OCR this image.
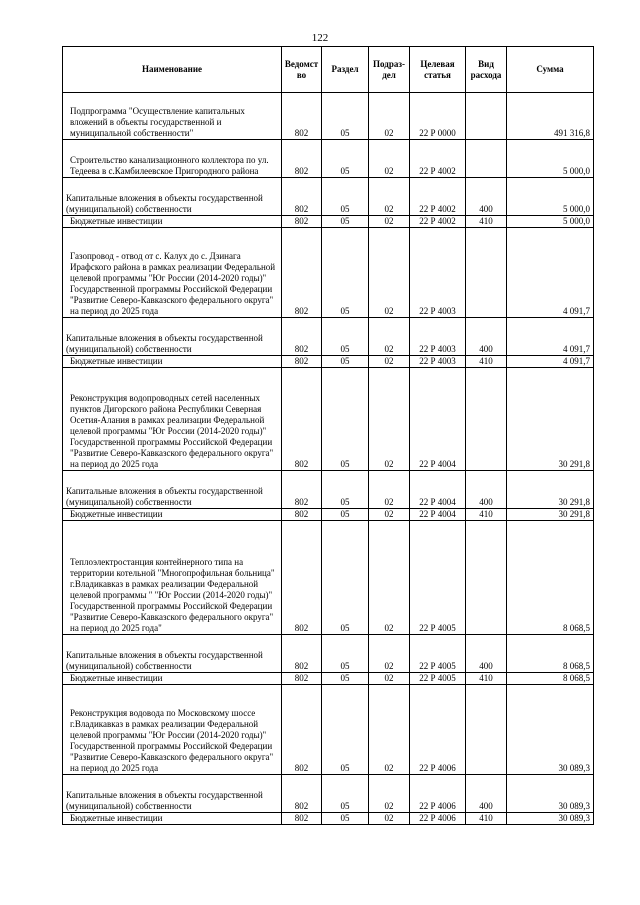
122
Наименование	Ведомст во	Раздел	Подраз- дел	Целевая статья	Вид расхода	Сумма
Подпрограмма "Осуществление капитальных вложений в объекты государственной и муниципальной собственности"	802	05	02	22 Р 0000		491 316,8
Строительство канализационного коллектора по ул. Тедеева в с.Камбилеевское Пригородного района	802	05	02	22 Р 4002		5 000,0
Капитальные вложения в объекты государственной (муниципальной) собственности	802	05	02	22 Р 4002	400	5 000,0
Бюджетные инвестиции	802	05	02	22 Р 4002	410	5 000,0
Газопровод - отвод от с. Калух до с. Дзинага Ирафского района в рамках реализации Федеральной целевой программы "Юг России (2014-2020 годы)" Государственной программы Российской Федерации "Развитие Северо-Кавказского федерального округа" на период до 2025 года	802	05	02	22 Р 4003		4 091,7
Капитальные вложения в объекты государственной (муниципальной) собственности	802	05	02	22 Р 4003	400	4 091,7
Бюджетные инвестиции	802	05	02	22 Р 4003	410	4 091,7
Реконструкция водопроводных сетей населенных пунктов Дигорского района Республики Северная Осетия-Алания в рамках реализации Федеральной целевой программы "Юг России (2014-2020 годы)" Государственной программы Российской Федерации "Развитие Северо-Кавказского федерального округа" на период до 2025 года	802	05	02	22 Р 4004		30 291,8
Капитальные вложения в объекты государственной (муниципальной) собственности	802	05	02	22 Р 4004	400	30 291,8
Бюджетные инвестиции	802	05	02	22 Р 4004	410	30 291,8
Теплоэлектростанция контейнерного типа на территории котельной "Многопрофильная больница" г.Владикавказ в рамках реализации Федеральной целевой программы " "Юг России (2014-2020 годы)" Государственной программы Российской Федерации "Развитие Северо-Кавказского федерального округа" на период до 2025 года"	802	05	02	22 Р 4005		8 068,5
Капитальные вложения в объекты государственной (муниципальной) собственности	802	05	02	22 Р 4005	400	8 068,5
Бюджетные инвестиции	802	05	02	22 Р 4005	410	8 068,5
Реконструкция водовода по Московскому шоссе г.Владикавказ в рамках реализации Федеральной целевой программы "Юг России (2014-2020 годы)" Государственной программы Российской Федерации "Развитие Северо-Кавказского федерального округа" на период до 2025 года	802	05	02	22 Р 4006		30 089,3
Капитальные вложения в объекты государственной (муниципальной) собственности	802	05	02	22 Р 4006	400	30 089,3
Бюджетные инвестиции	802	05	02	22 Р 4006	410	30 089,3
